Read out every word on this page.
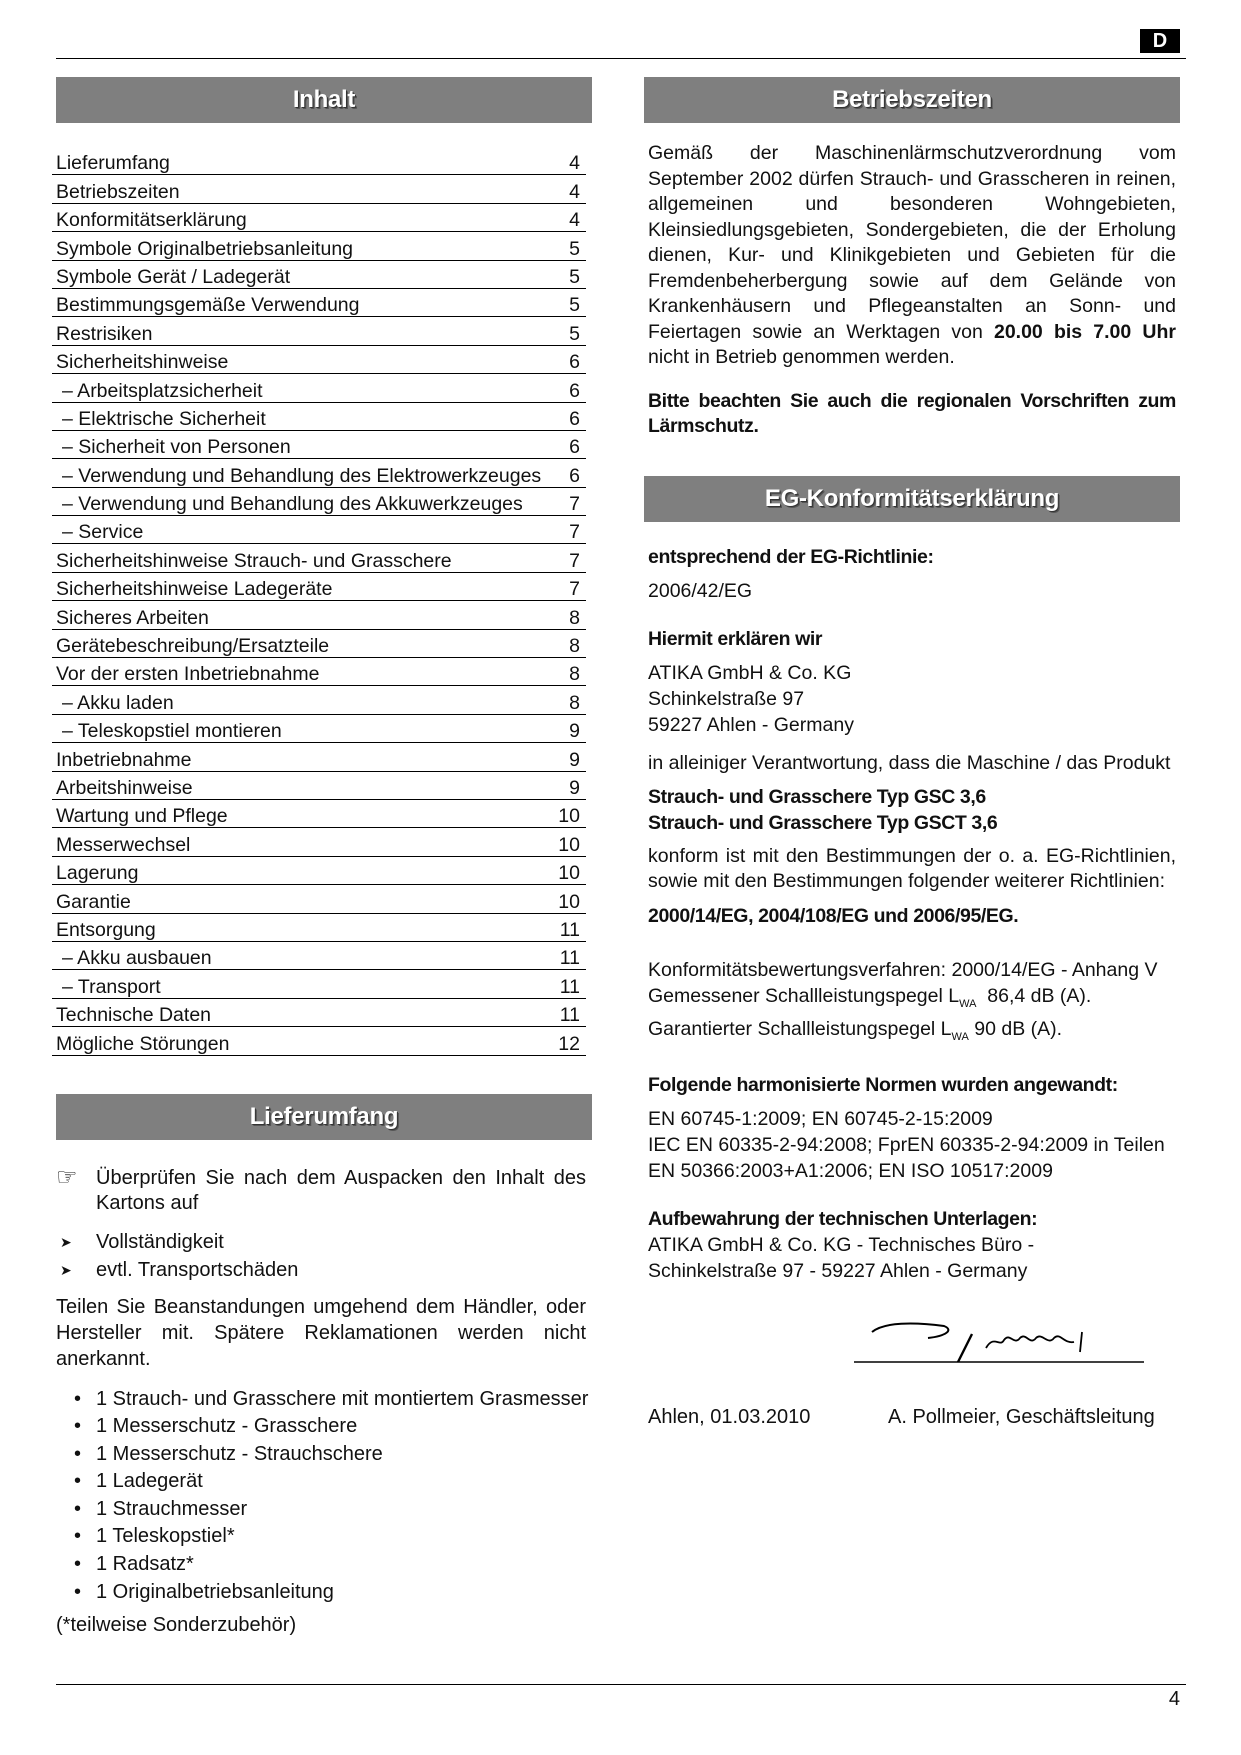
D
Inhalt
Lieferumfang	4
Betriebszeiten	4
Konformitätserklärung	4
Symbole Originalbetriebsanleitung	5
Symbole Gerät / Ladegerät	5
Bestimmungsgemäße Verwendung	5
Restrisiken	5
Sicherheitshinweise	6
– Arbeitsplatzsicherheit	6
– Elektrische Sicherheit	6
– Sicherheit von Personen	6
– Verwendung und Behandlung des Elektrowerkzeuges 6
– Verwendung und Behandlung des Akkuwerkzeuges 7
– Service	7
Sicherheitshinweise Strauch- und Grasschere	7
Sicherheitshinweise Ladegeräte	7
Sicheres Arbeiten	8
Gerätebeschreibung/Ersatzteile	8
Vor der ersten Inbetriebnahme	8
– Akku laden	8
– Teleskopstiel montieren	9
Inbetriebnahme	9
Arbeitshinweise	9
Wartung und Pflege	10
Messerwechsel	10
Lagerung	10
Garantie	10
Entsorgung	11
– Akku ausbauen	11
– Transport	11
Technische Daten	11
Mögliche Störungen	12
Lieferumfang
☞ Überprüfen Sie nach dem Auspacken den Inhalt des Kartons auf
➤	Vollständigkeit
➤	evtl. Transportschäden
Teilen Sie Beanstandungen umgehend dem Händler, oder Hersteller mit. Spätere Reklamationen werden nicht anerkannt.
• 1 Strauch- und Grasschere mit montiertem Grasmesser
• 1 Messerschutz - Grasschere
• 1 Messerschutz - Strauchschere
• 1 Ladegerät
• 1 Strauchmesser
• 1 Teleskopstiel*
• 1 Radsatz*
• 1 Originalbetriebsanleitung
(*teilweise Sonderzubehör)
Betriebszeiten
Gemäß der Maschinenlärmschutzverordnung vom September 2002 dürfen Strauch- und Grasscheren in reinen, allgemeinen und besonderen Wohngebieten, Kleinsiedlungsgebieten, Sondergebieten, die der Erholung dienen, Kur- und Klinikgebieten und Gebieten für die Fremdenbeherbergung sowie auf dem Gelände von Krankenhäusern und Pflegeanstalten an Sonn- und Feiertagen sowie an Werktagen von 20.00 bis 7.00 Uhr nicht in Betrieb genommen werden.
Bitte beachten Sie auch die regionalen Vorschriften zum Lärmschutz.
EG-Konformitätserklärung
entsprechend der EG-Richtlinie:
2006/42/EG
Hiermit erklären wir
ATIKA GmbH & Co. KG
Schinkelstraße 97
59227 Ahlen - Germany
in alleiniger Verantwortung, dass die Maschine / das Produkt
Strauch- und Grasschere Typ GSC 3,6
Strauch- und Grasschere Typ GSCT 3,6
konform ist mit den Bestimmungen der o. a. EG-Richtlinien, sowie mit den Bestimmungen folgender weiterer Richtlinien:
2000/14/EG, 2004/108/EG und 2006/95/EG.
Konformitätsbewertungsverfahren: 2000/14/EG - Anhang V
Gemessener Schallleistungspegel $L_{WA}$  86,4 dB (A).
Garantierter Schallleistungspegel $L_{WA}$ 90 dB (A).
Folgende harmonisierte Normen wurden angewandt:
EN 60745-1:2009; EN 60745-2-15:2009
IEC EN 60335-2-94:2008; FprEN 60335-2-94:2009 in Teilen
EN 50366:2003+A1:2006; EN ISO 10517:2009
Aufbewahrung der technischen Unterlagen:
ATIKA GmbH & Co. KG - Technisches Büro -
Schinkelstraße 97 - 59227 Ahlen - Germany
Ahlen, 01.03.2010	A. Pollmeier, Geschäftsleitung
4
